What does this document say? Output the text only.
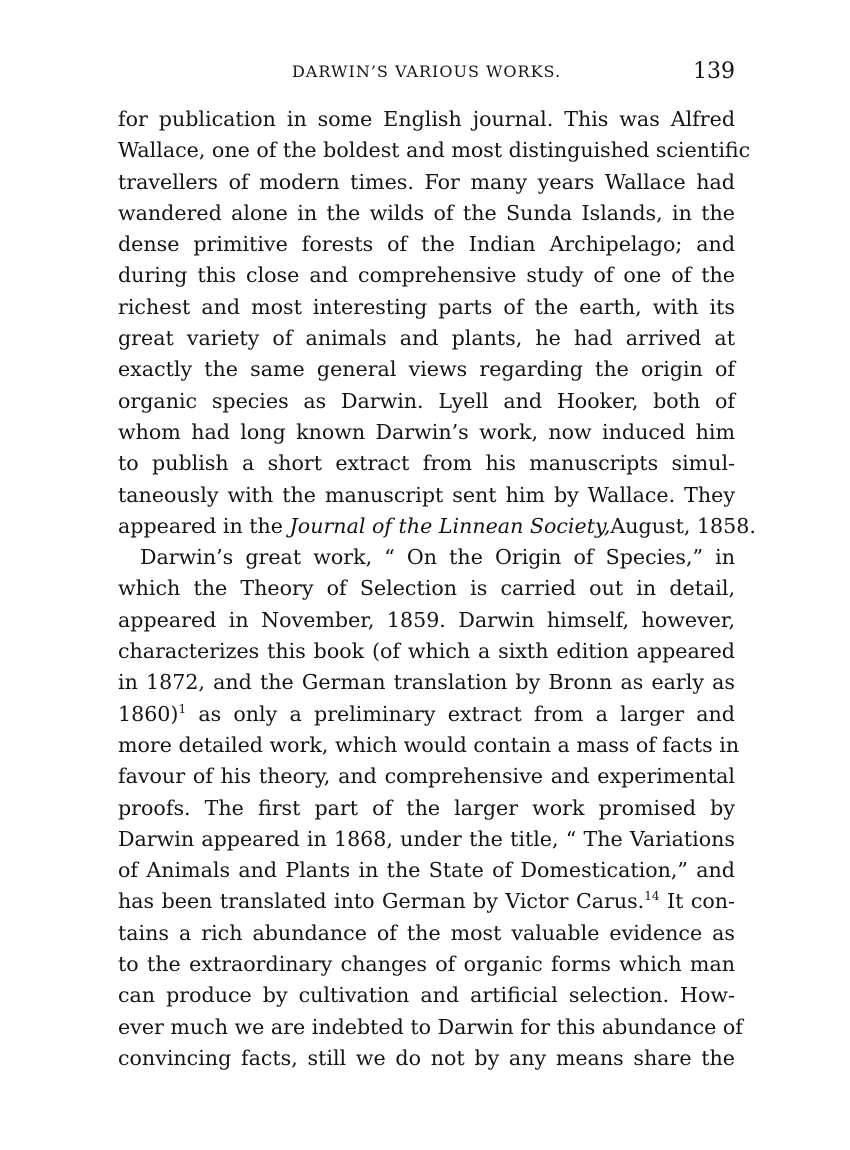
DARWIN’S VARIOUS WORKS.	139
for publication in some English journal. This was Alfred
Wallace, one of the boldest and most distinguished scientific
travellers of modern times. For many years Wallace had
wandered alone in the wilds of the Sunda Islands, in the
dense primitive forests of the Indian Archipelago; and
during this close and comprehensive study of one of the
richest and most interesting parts of the earth, with its
great variety of animals and plants, he had arrived at
exactly the same general views regarding the origin of
organic species as Darwin. Lyell and Hooker, both of
whom had long known Darwin’s work, now induced him
to publish a short extract from his manuscripts simul-
taneously with the manuscript sent him by Wallace. They
appeared in the Journal of the Linnean Society,August, 1858.
Darwin’s great work, “ On the Origin of Species,” in
which the Theory of Selection is carried out in detail,
appeared in November, 1859. Darwin himself, however,
characterizes this book (of which a sixth edition appeared
in 1872, and the German translation by Bronn as early as
1860)$^1$ as only a preliminary extract from a larger and
more detailed work, which would contain a mass of facts in
favour of his theory, and comprehensive and experimental
proofs. The first part of the larger work promised by
Darwin appeared in 1868, under the title, “ The Variations
of Animals and Plants in the State of Domestication,” and
has been translated into German by Victor Carus.$^{14}$ It con-
tains a rich abundance of the most valuable evidence as
to the extraordinary changes of organic forms which man
can produce by cultivation and artificial selection. How-
ever much we are indebted to Darwin for this abundance of
convincing facts, still we do not by any means share the
